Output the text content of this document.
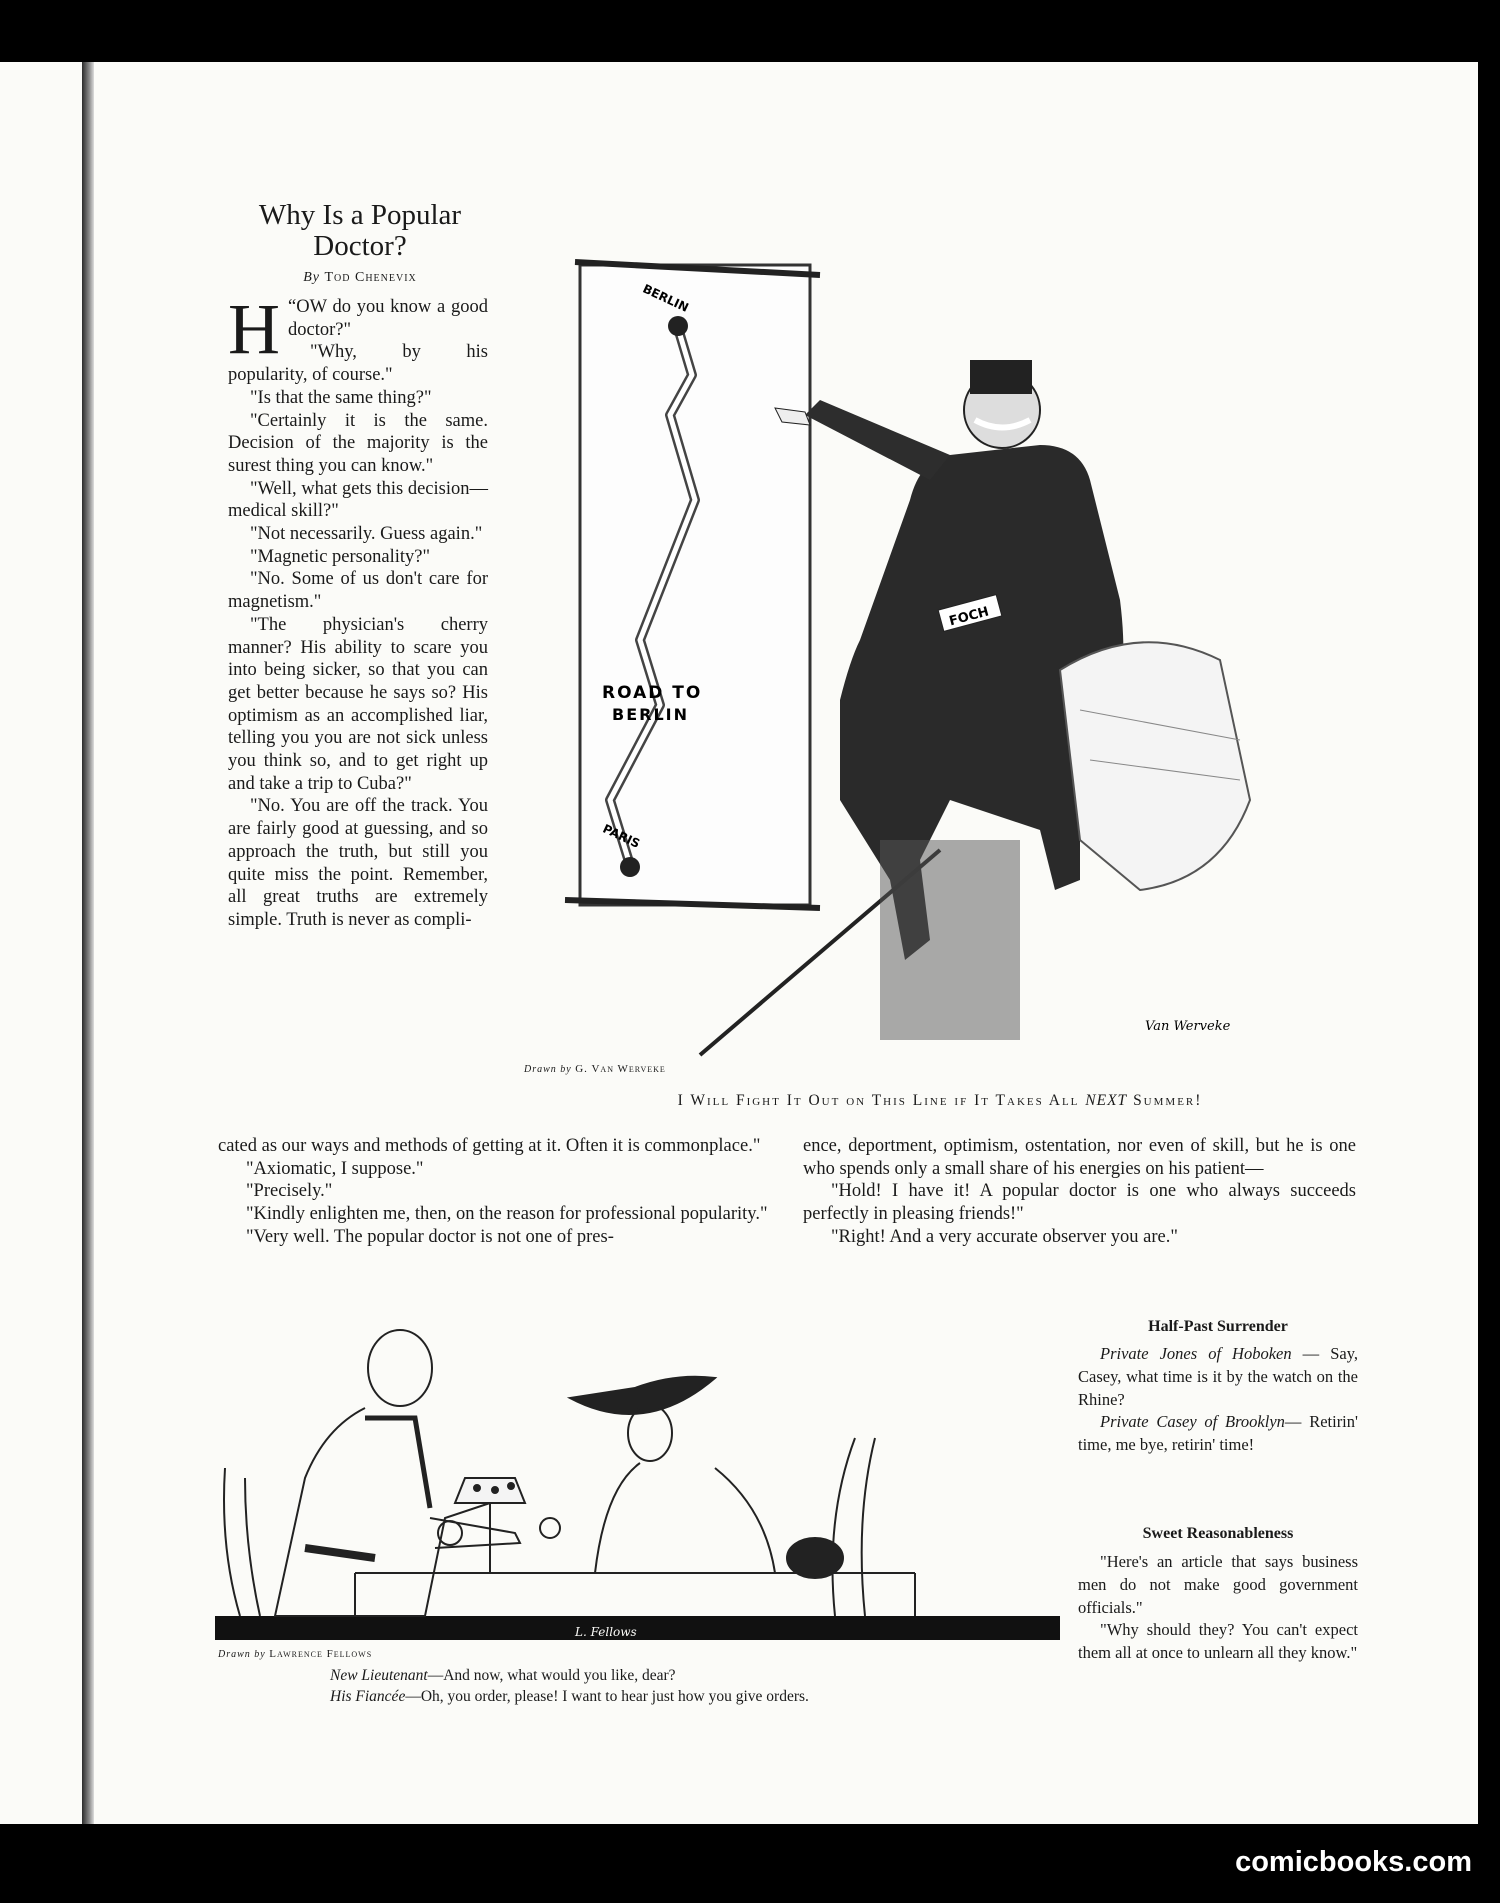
Why Is a Popular
Doctor?
By Tod Chenevix

“
H OW do you know a good doctor?"

"Why, by his popularity, of course."

"Is that the same thing?"

"Certainly it is the same. Decision of the majority is the surest thing you can know."

"Well, what gets this decision—medical skill?"

"Not necessarily. Guess again."

"Magnetic personality?"

"No. Some of us don't care for magnetism."

"The physician's cherry manner? His ability to scare you into being sicker, so that you can get better because he says so? His optimism as an accomplished liar, telling you you are not sick unless you think so, and to get right up and take a trip to Cuba?"

"No. You are off the track. You are fairly good at guessing, and so approach the truth, but still you quite miss the point. Remember, all great truths are extremely simple. Truth is never as compli-

BERLIN
PARIS
ROAD TO
BERLIN
FOCH
Van Werveke
Drawn by G. Van Werveke
I Will Fight It Out on This Line if It Takes All NEXT Summer!

cated as our ways and methods of getting at it. Often it is commonplace."

"Axiomatic, I suppose."

"Precisely."

"Kindly enlighten me, then, on the reason for professional popularity."

"Very well. The popular doctor is not one of pres-

ence, deportment, optimism, ostentation, nor even of skill, but he is one who spends only a small share of his energies on his patient—

"Hold! I have it! A popular doctor is one who always succeeds perfectly in pleasing friends!"

"Right! And a very accurate observer you are."

L. Fellows
Drawn by Lawrence Fellows

New Lieutenant—And now, what would you like, dear?

His Fiancée—Oh, you order, please! I want to hear just how you give orders.

Half-Past Surrender

Private Jones of Hoboken — Say, Casey, what time is it by the watch on the Rhine?

Private Casey of Brooklyn— Retirin' time, me bye, retirin' time!

Sweet Reasonableness

"Here's an article that says business men do not make good government officials."

"Why should they? You can't expect them all at once to unlearn all they know."

comicbooks.com
